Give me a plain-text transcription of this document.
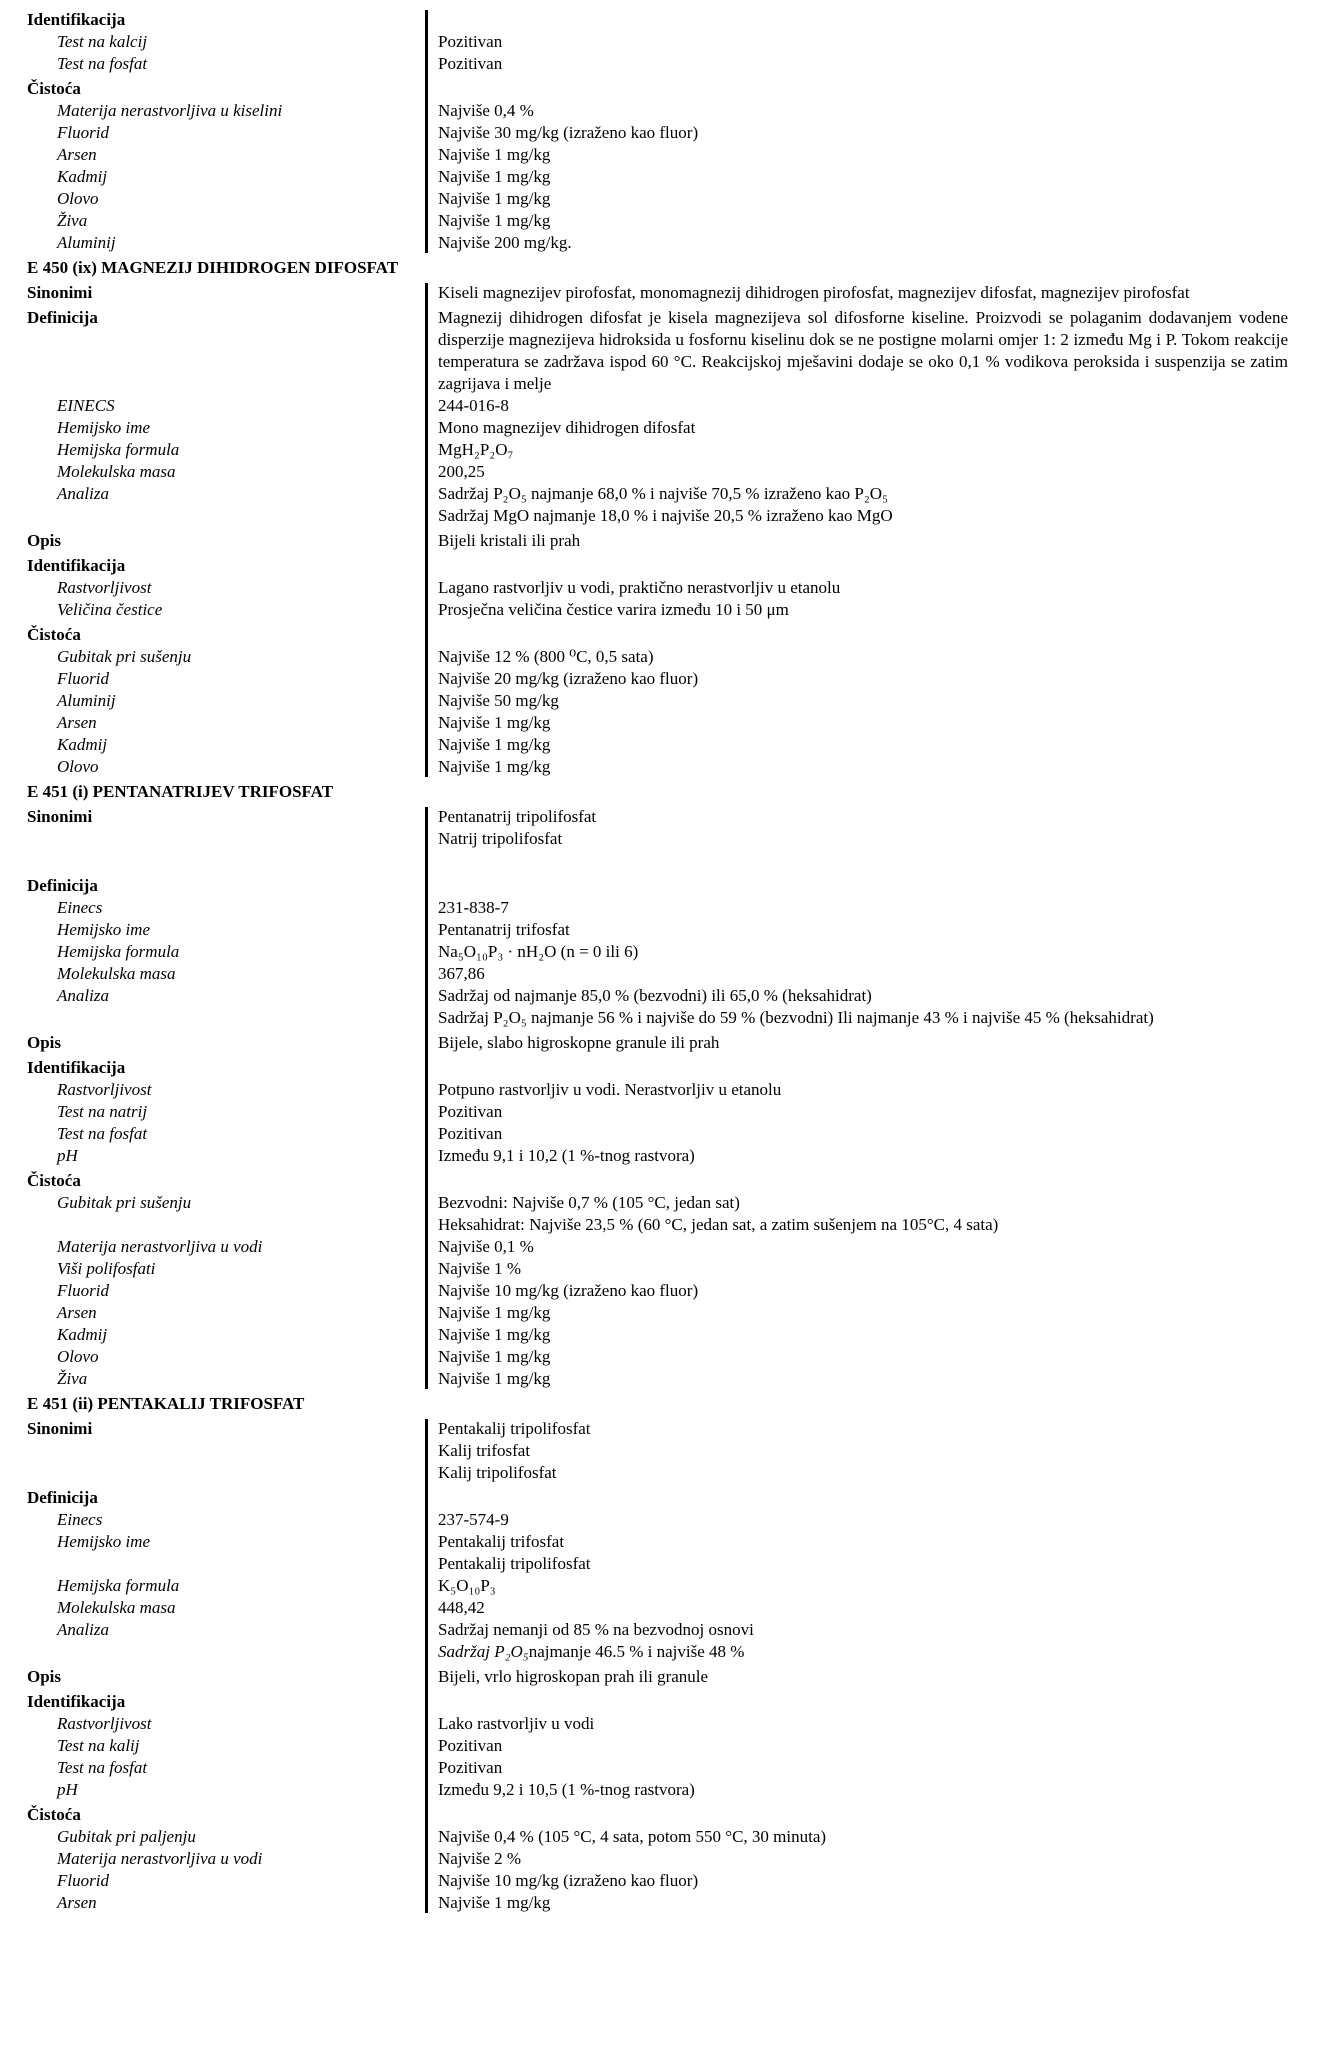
Identifikacija
Test na kalcij	Pozitivan
Test na fosfat	Pozitivan
Čistoća
Materija nerastvorljiva u kiselini	Najviše 0,4 %
Fluorid	Najviše 30 mg/kg (izraženo kao fluor)
Arsen	Najviše 1 mg/kg
Kadmij	Najviše 1 mg/kg
Olovo	Najviše 1 mg/kg
Živa	Najviše 1 mg/kg
Aluminij	Najviše 200 mg/kg.
E 450 (ix) MAGNEZIJ DIHIDROGEN DIFOSFAT
Sinonimi	Kiseli magnezijev pirofosfat, monomagnezij dihidrogen pirofosfat, magnezijev difosfat, magnezijev pirofosfat
Definicija	Magnezij dihidrogen difosfat je kisela magnezijeva sol difosforne kiseline. Proizvodi se polaganim dodavanjem vodene disperzije magnezijeva hidroksida u fosfornu kiselinu dok se ne postigne molarni omjer 1: 2 između Mg i P. Tokom reakcije temperatura se zadržava ispod 60 °C. Reakcijskoj mješavini dodaje se oko 0,1 % vodikova peroksida i suspenzija se zatim zagrijava i melje
EINECS	244-016-8
Hemijsko ime	Mono magnezijev dihidrogen difosfat
Hemijska formula	MgH₂P₂O₇
Molekulska masa	200,25
Analiza	Sadržaj P₂O₅ najmanje 68,0 % i najviše 70,5 % izraženo kao P₂O₅
Sadržaj MgO najmanje 18,0 % i najviše 20,5 % izraženo kao MgO
Opis	Bijeli kristali ili prah
Identifikacija
Rastvorljivost	Lagano rastvorljiv u vodi, praktično nerastvorljiv u etanolu
Veličina čestice	Prosječna veličina čestice varira između 10 i 50 μm
Čistoća
Gubitak pri sušenju	Najviše 12 % (800 ⁰C, 0,5 sata)
Fluorid	Najviše 20 mg/kg (izraženo kao fluor)
Aluminij	Najviše 50 mg/kg
Arsen	Najviše 1 mg/kg
Kadmij	Najviše 1 mg/kg
Olovo	Najviše 1 mg/kg
E 451 (i) PENTANATRIJEV TRIFOSFAT
Sinonimi	Pentanatrij tripolifosfat
Natrij tripolifosfat
Definicija
Einecs	231-838-7
Hemijsko ime	Pentanatrij trifosfat
Hemijska formula	Na₅O₁₀P₃ · nH₂O (n = 0 ili 6)
Molekulska masa	367,86
Analiza	Sadržaj od najmanje 85,0 % (bezvodni) ili 65,0 % (heksahidrat)
Sadržaj P₂O₅ najmanje 56 % i najviše do 59 % (bezvodni) Ili najmanje 43 % i najviše 45 % (heksahidrat)
Opis	Bijele, slabo higroskopne granule ili prah
Identifikacija
Rastvorljivost	Potpuno rastvorljiv u vodi. Nerastvorljiv u etanolu
Test na natrij	Pozitivan
Test na fosfat	Pozitivan
pH	Između 9,1 i 10,2 (1 %-tnog rastvora)
Čistoća
Gubitak pri sušenju	Bezvodni: Najviše 0,7 % (105 °C, jedan sat)
Heksahidrat: Najviše 23,5 % (60 °C, jedan sat, a zatim sušenjem na 105°C, 4 sata)
Materija nerastvorljiva u vodi	Najviše 0,1 %
Viši polifosfati	Najviše 1 %
Fluorid	Najviše 10 mg/kg (izraženo kao fluor)
Arsen	Najviše 1 mg/kg
Kadmij	Najviše 1 mg/kg
Olovo	Najviše 1 mg/kg
Živa	Najviše 1 mg/kg
E 451 (ii) PENTAKALIJ TRIFOSFAT
Sinonimi	Pentakalij tripolifosfat
Kalij trifosfat
Kalij tripolifosfat
Definicija
Einecs	237-574-9
Hemijsko ime	Pentakalij trifosfat
Pentakalij tripolifosfat
Hemijska formula	K₅O₁₀P₃
Molekulska masa	448,42
Analiza	Sadržaj nemanji od 85 % na bezvodnoj osnovi
Sadržaj P₂O₅najmanje 46.5 % i najviše 48 %
Opis	Bijeli, vrlo higroskopan prah ili granule
Identifikacija
Rastvorljivost	Lako rastvorljiv u vodi
Test na kalij	Pozitivan
Test na fosfat	Pozitivan
pH	Između 9,2 i 10,5 (1 %-tnog rastvora)
Čistoća
Gubitak pri paljenju	Najviše 0,4 % (105 °C, 4 sata, potom 550 °C, 30 minuta)
Materija nerastvorljiva u vodi	Najviše 2 %
Fluorid	Najviše 10 mg/kg (izraženo kao fluor)
Arsen	Najviše 1 mg/kg
